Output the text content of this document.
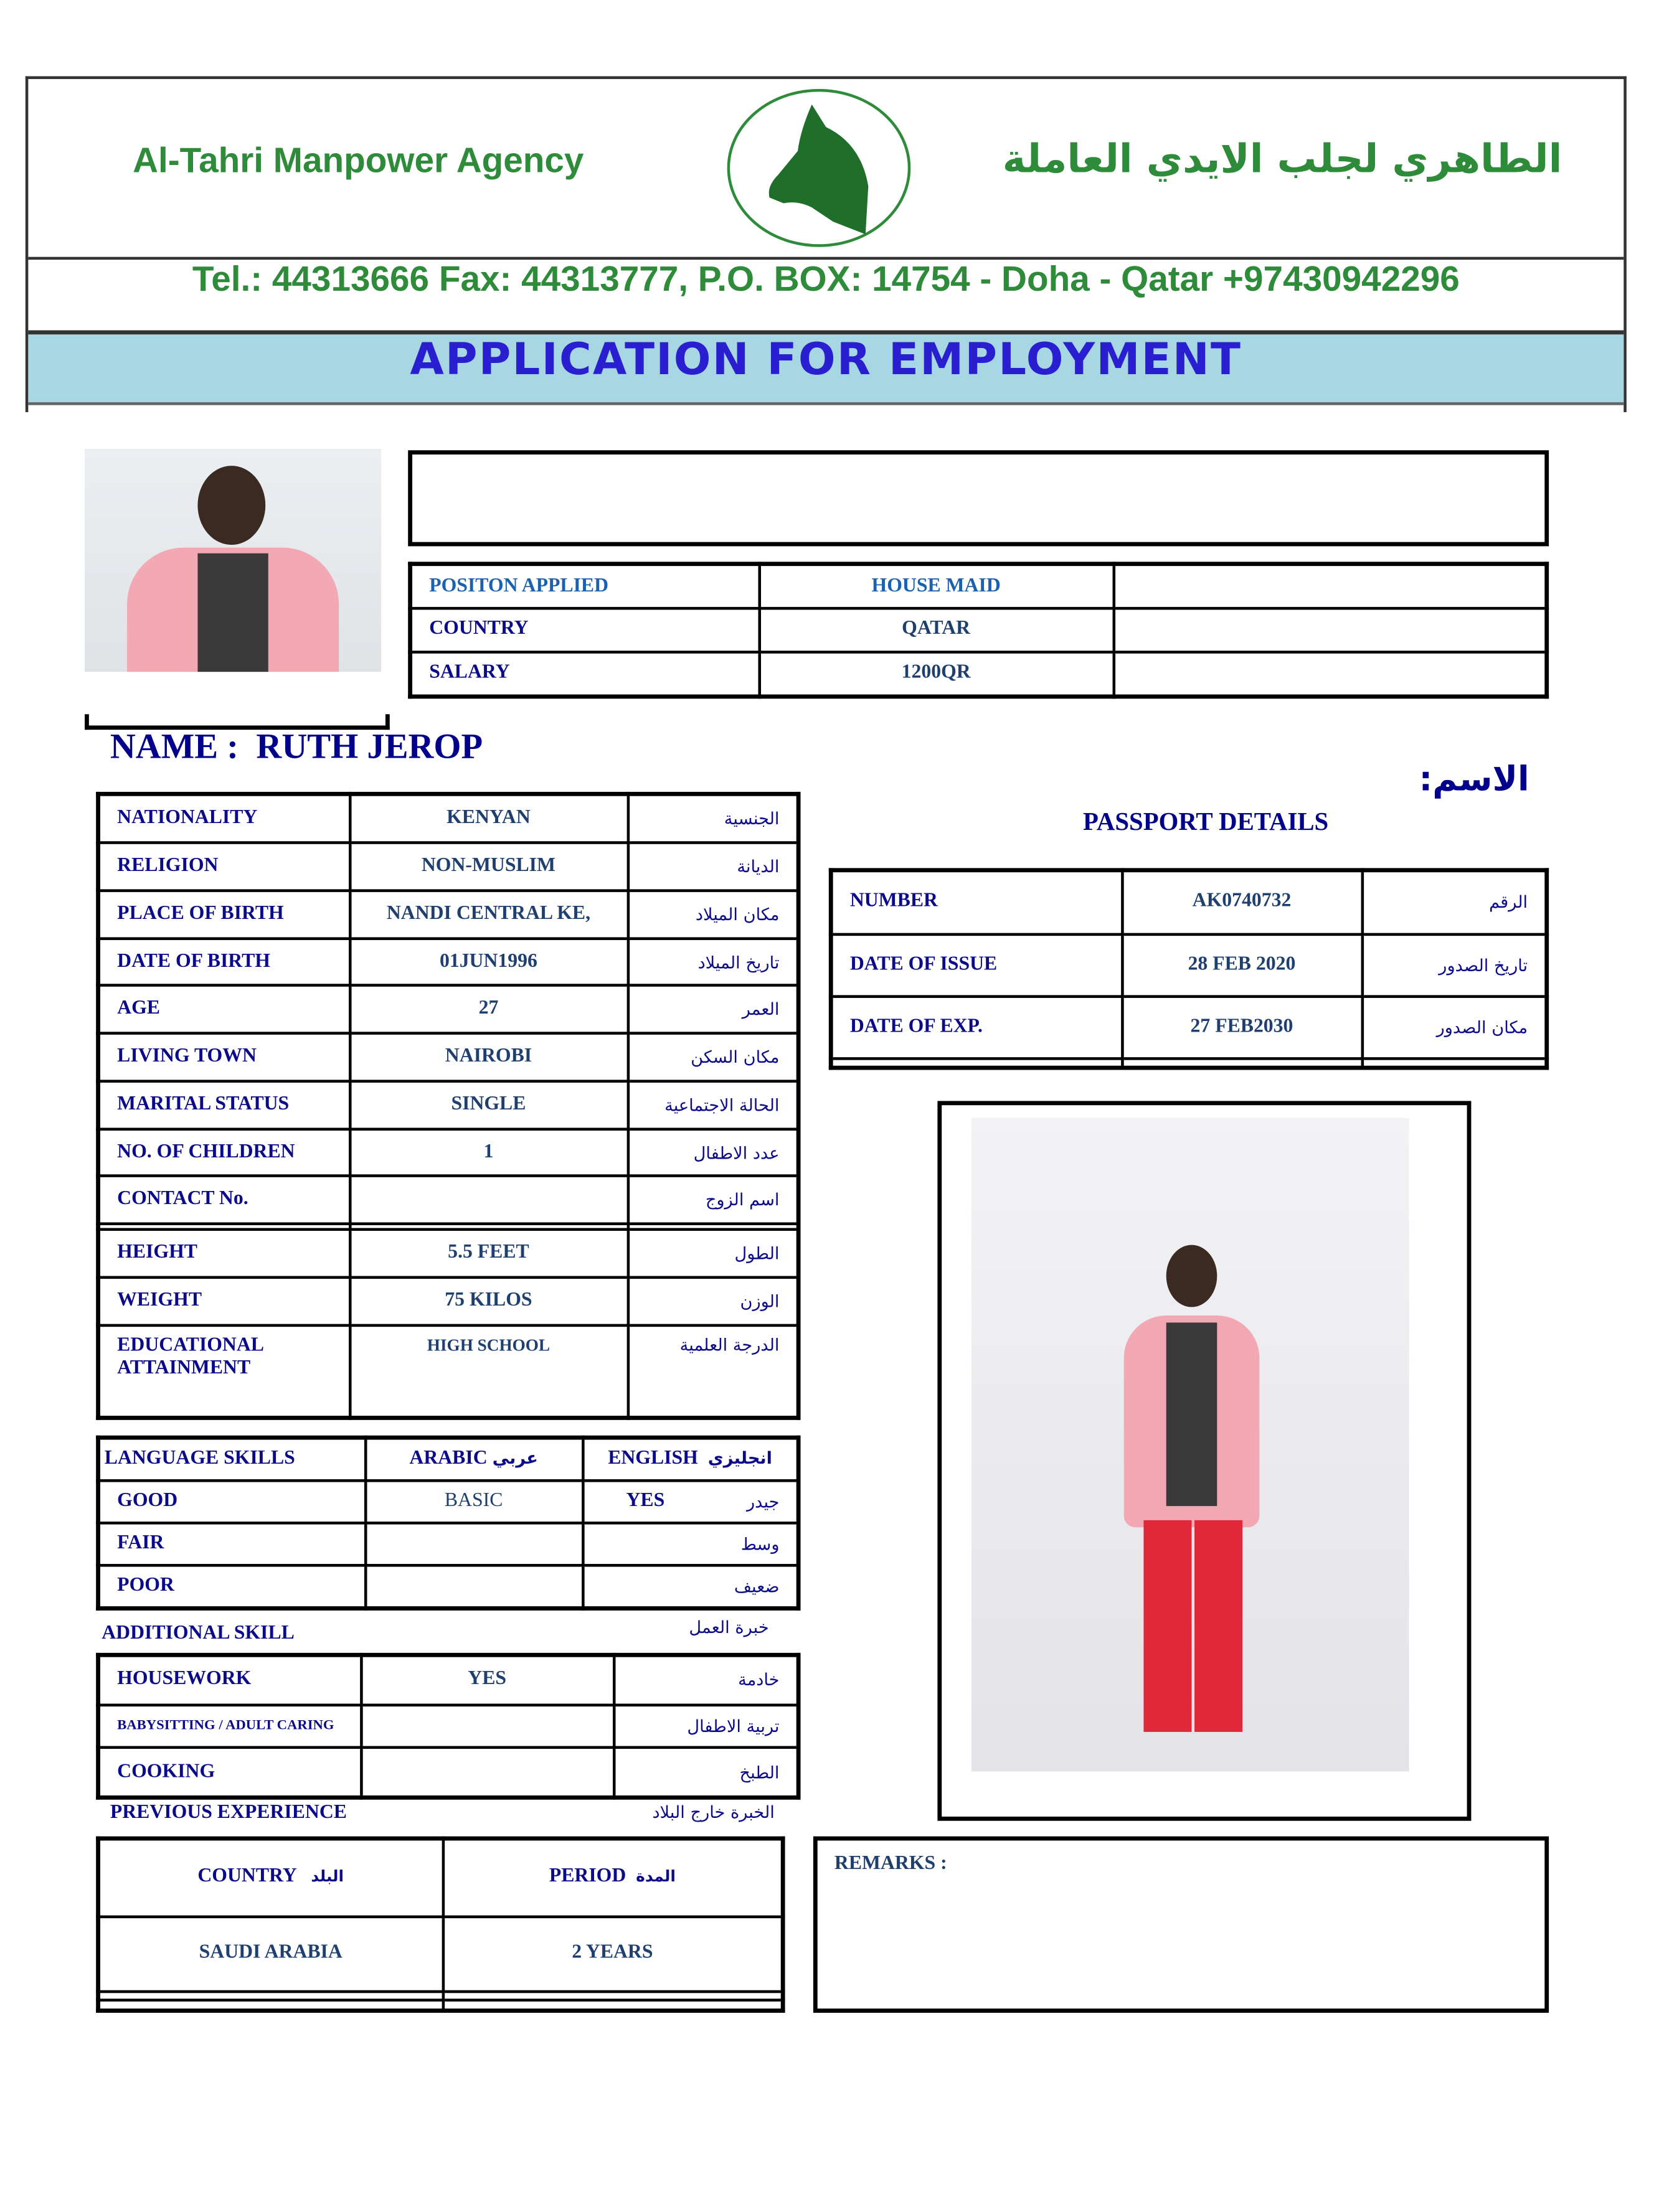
Al-Tahri Manpower Agency	الطاهري لجلب الايدي العاملة
Tel.: 44313666 Fax: 44313777, P.O. BOX: 14754 - Doha - Qatar +97430942296
APPLICATION FOR EMPLOYMENT
POSITON APPLIED	HOUSE MAID	
COUNTRY	QATAR	
SALARY	1200QR	
NAME : RUTH JEROP
الاسم:
NATIONALITY	KENYAN	الجنسية
RELIGION	NON-MUSLIM	الديانة
PLACE OF BIRTH	NANDI CENTRAL KE,	مكان الميلاد
DATE OF BIRTH	01JUN1996	تاريخ الميلاد
AGE	27	العمر
LIVING TOWN	NAIROBI	مكان السكن
MARITAL STATUS	SINGLE	الحالة الاجتماعية
NO. OF CHILDREN	1	عدد الاطفال
CONTACT No.		اسم الزوج

HEIGHT	5.5 FEET	الطول
WEIGHT	75 KILOS	الوزن
EDUCATIONAL ATTAINMENT	HIGH SCHOOL	الدرجة العلمية
PASSPORT DETAILS
NUMBER	AK0740732	الرقم
DATE OF ISSUE	28 FEB 2020	تاريخ الصدور
DATE OF EXP.	27 FEB2030	مكان الصدور

LANGUAGE SKILLS	ARABIC عربي	ENGLISH انجليزي
GOOD	BASIC	YES جيدر

FAIR		وسط

POOR		ضعيف
ADDITIONAL SKILL	خبرة العمل
HOUSEWORK	YES	خادمة
BABYSITTING / ADULT CARING		تربية الاطفال
COOKING		الطبخ
PREVIOUS EXPERIENCE	الخبرة خارج البلاد
COUNTRY البلد	PERIOD المدة
SAUDI ARABIA	2 YEARS

REMARKS :
